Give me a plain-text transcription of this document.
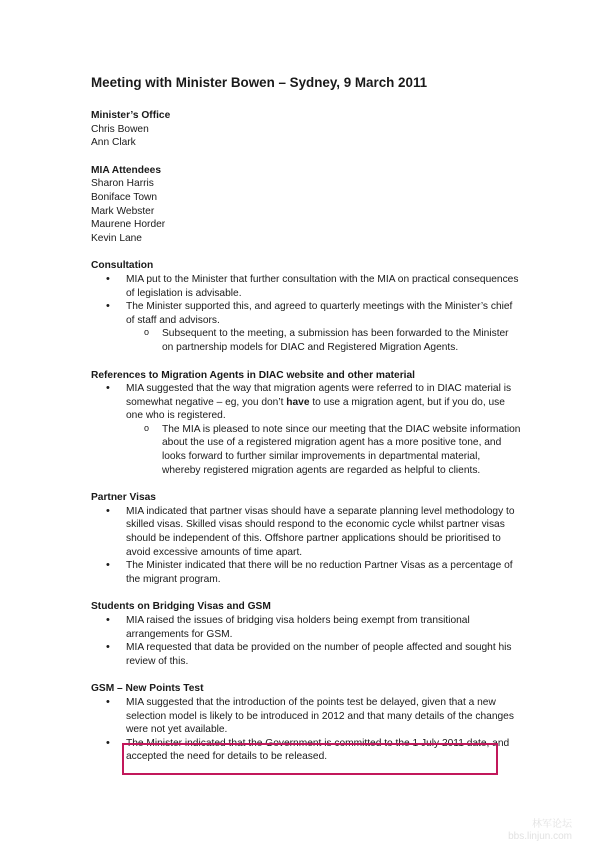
Meeting with Minister Bowen – Sydney, 9 March 2011
Minister’s Office
Chris Bowen
Ann Clark
MIA Attendees
Sharon Harris
Boniface Town
Mark Webster
Maurene Horder
Kevin Lane
Consultation
• MIA put to the Minister that further consultation with the MIA on practical consequences of legislation is advisable.
• The Minister supported this, and agreed to quarterly meetings with the Minister’s chief of staff and advisors.
o Subsequent to the meeting, a submission has been forwarded to the Minister on partnership models for DIAC and Registered Migration Agents.
References to Migration Agents in DIAC website and other material
• MIA suggested that the way that migration agents were referred to in DIAC material is somewhat negative – eg, you don’t have to use a migration agent, but if you do, use one who is registered.
o The MIA is pleased to note since our meeting that the DIAC website information about the use of a registered migration agent has a more positive tone, and looks forward to further similar improvements in departmental material, whereby registered migration agents are regarded as helpful to clients.
Partner Visas
• MIA indicated that partner visas should have a separate planning level methodology to skilled visas. Skilled visas should respond to the economic cycle whilst partner visas should be independent of this. Offshore partner applications should be prioritised to avoid excessive amounts of time apart.
• The Minister indicated that there will be no reduction Partner Visas as a percentage of the migrant program.
Students on Bridging Visas and GSM
• MIA raised the issues of bridging visa holders being exempt from transitional arrangements for GSM.
• MIA requested that data be provided on the number of people affected and sought his review of this.
GSM – New Points Test
• MIA suggested that the introduction of the points test be delayed, given that a new selection model is likely to be introduced in 2012 and that many details of the changes were not yet available.
• The Minister indicated that the Government is committed to the 1 July 2011 date, and accepted the need for details to be released.
林军论坛
bbs.linjun.com
